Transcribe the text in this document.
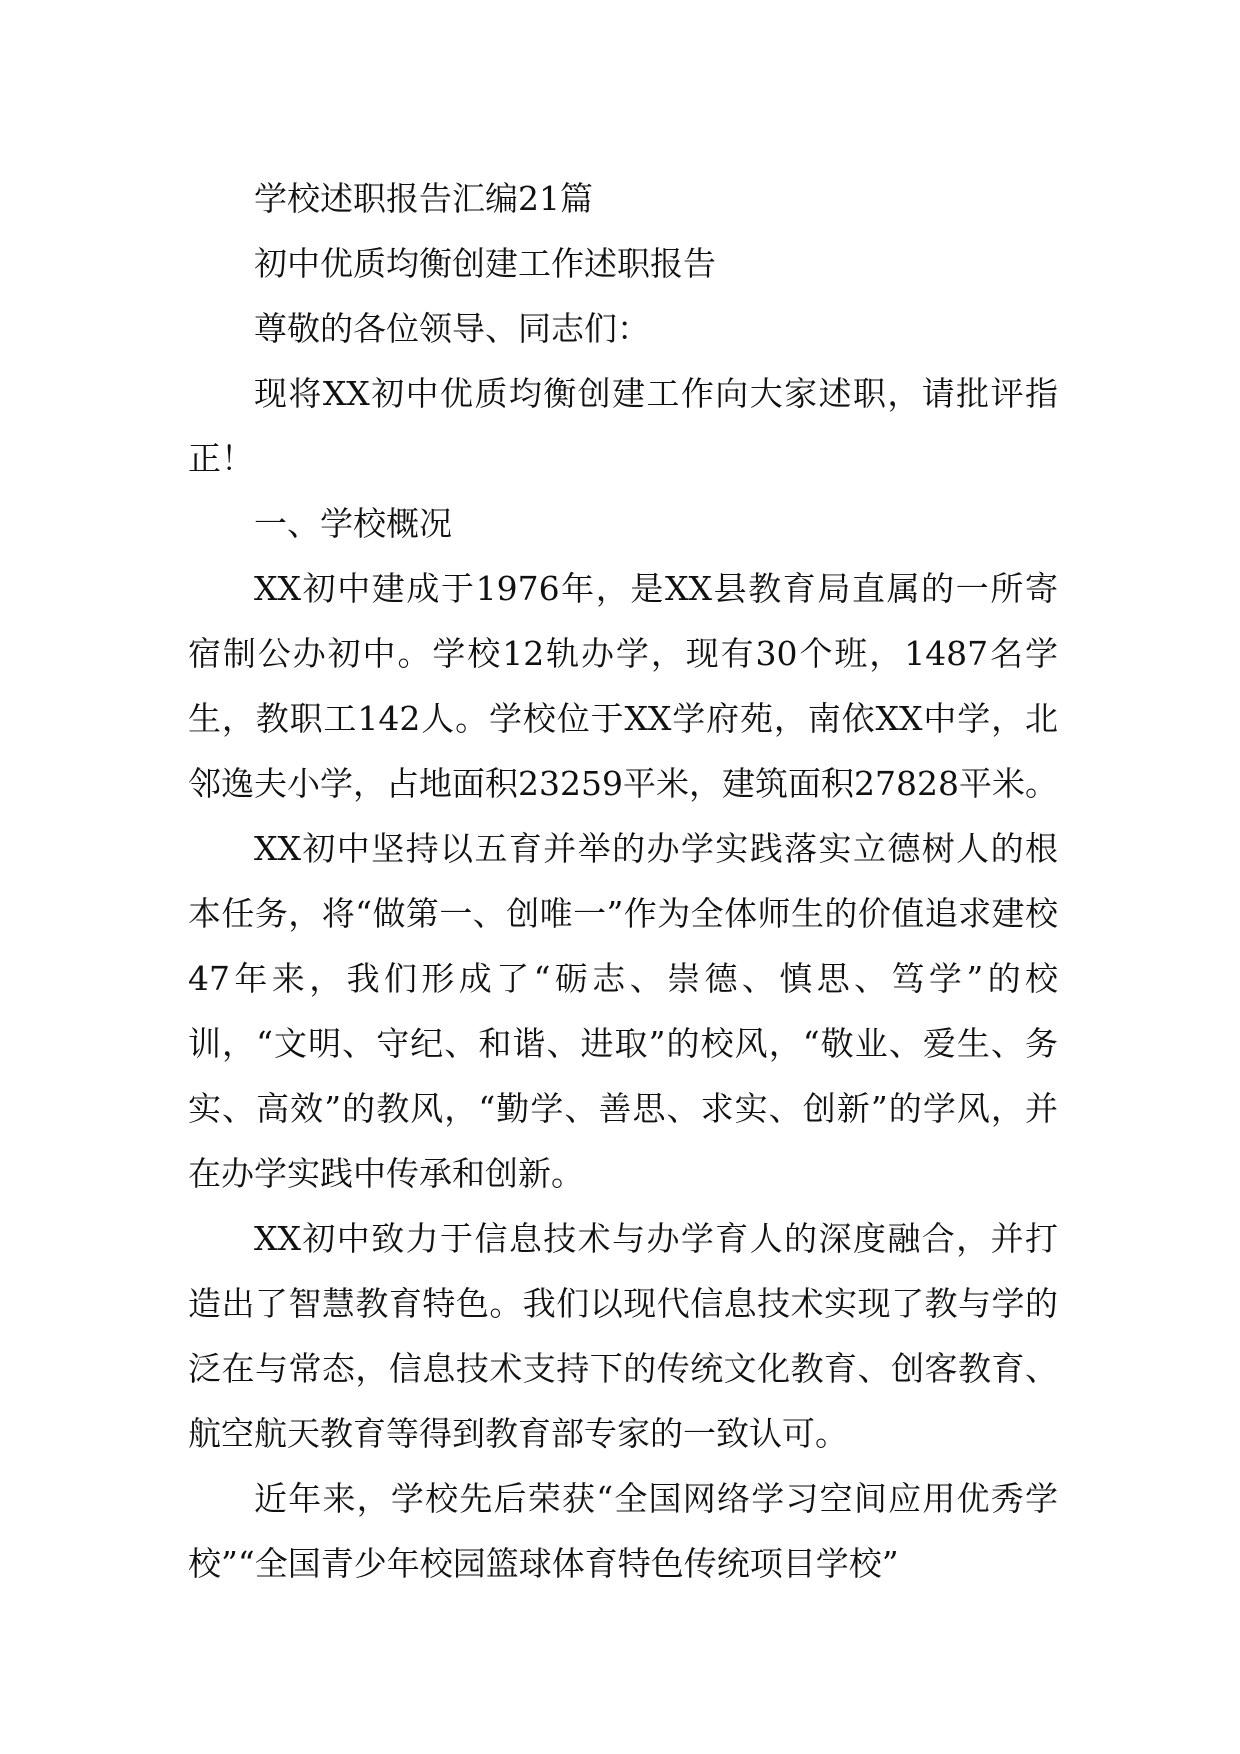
学校述职报告汇编21篇

初中优质均衡创建工作述职报告

尊敬的各位领导、同志们：

现将XX初中优质均衡创建工作向大家述职，请批评指正！

一、学校概况

XX初中建成于1976年，是XX县教育局直属的一所寄宿制公办初中。学校12轨办学，现有30个班，1487名学生，教职工142人。学校位于XX学府苑，南依XX中学，北邻逸夫小学，占地面积23259平米，建筑面积27828平米。

XX初中坚持以五育并举的办学实践落实立德树人的根本任务，将“做第一、创唯一”作为全体师生的价值追求建校47年来，我们形成了“砺志、崇德、慎思、笃学”的校训，“文明、守纪、和谐、进取”的校风，“敬业、爱生、务实、高效”的教风，“勤学、善思、求实、创新”的学风，并在办学实践中传承和创新。

XX初中致力于信息技术与办学育人的深度融合，并打造出了智慧教育特色。我们以现代信息技术实现了教与学的泛在与常态，信息技术支持下的传统文化教育、创客教育、航空航天教育等得到教育部专家的一致认可。

近年来，学校先后荣获“全国网络学习空间应用优秀学校”“全国青少年校园篮球体育特色传统项目学校”
